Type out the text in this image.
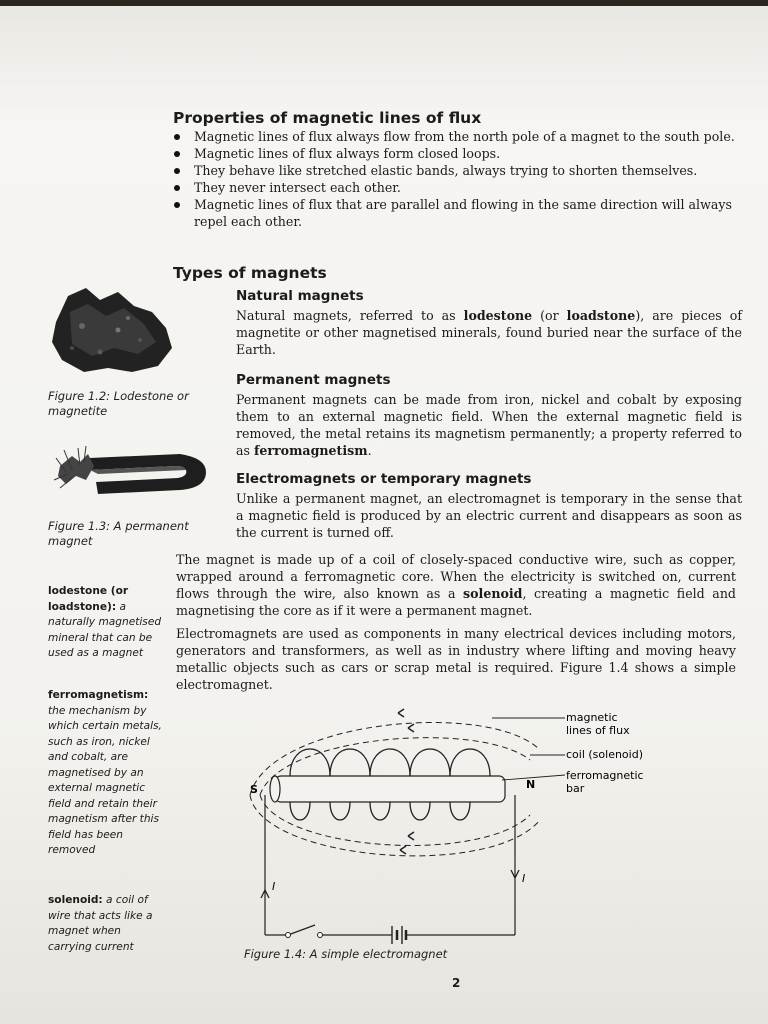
Properties of magnetic lines of flux
Magnetic lines of flux always flow from the north pole of a magnet to the south pole.
Magnetic lines of flux always form closed loops.
They behave like stretched elastic bands, always trying to shorten themselves.
They never intersect each other.
Magnetic lines of flux that are parallel and flowing in the same direction will always repel each other.
Types of magnets
Natural magnets
Natural magnets, referred to as lodestone (or loadstone), are pieces of magnetite or other magnetised minerals, found buried near the surface of the Earth.
Permanent magnets
Permanent magnets can be made from iron, nickel and cobalt by exposing them to an external magnetic field. When the external magnetic field is removed, the metal retains its magnetism permanently; a property referred to as ferromagnetism.
Electromagnets or temporary magnets
Unlike a permanent magnet, an electromagnet is temporary in the sense that a magnetic field is produced by an electric current and disappears as soon as the current is turned off.
The magnet is made up of a coil of closely-spaced conductive wire, such as copper, wrapped around a ferromagnetic core. When the electricity is switched on, current flows through the wire, also known as a solenoid, creating a magnetic field and magnetising the core as if it were a permanent magnet.
Electromagnets are used as components in many electrical devices including motors, generators and transformers, as well as in industry where lifting and moving heavy metallic objects such as cars or scrap metal is required. Figure 1.4 shows a simple electromagnet.
Figure 1.2: Lodestone or magnetite
Figure 1.3: A permanent magnet
lodestone (or loadstone): a naturally magnetised mineral that can be used as a magnet
ferromagnetism: the mechanism by which certain metals, such as iron, nickel and cobalt, are magnetised by an external magnetic field and retain their magnetism after this field has been removed
solenoid: a coil of wire that acts like a magnet when carrying current
magnetic
lines of flux
coil (solenoid)
ferromagnetic
bar
S	N
I
I
Figure 1.4: A simple electromagnet
2
